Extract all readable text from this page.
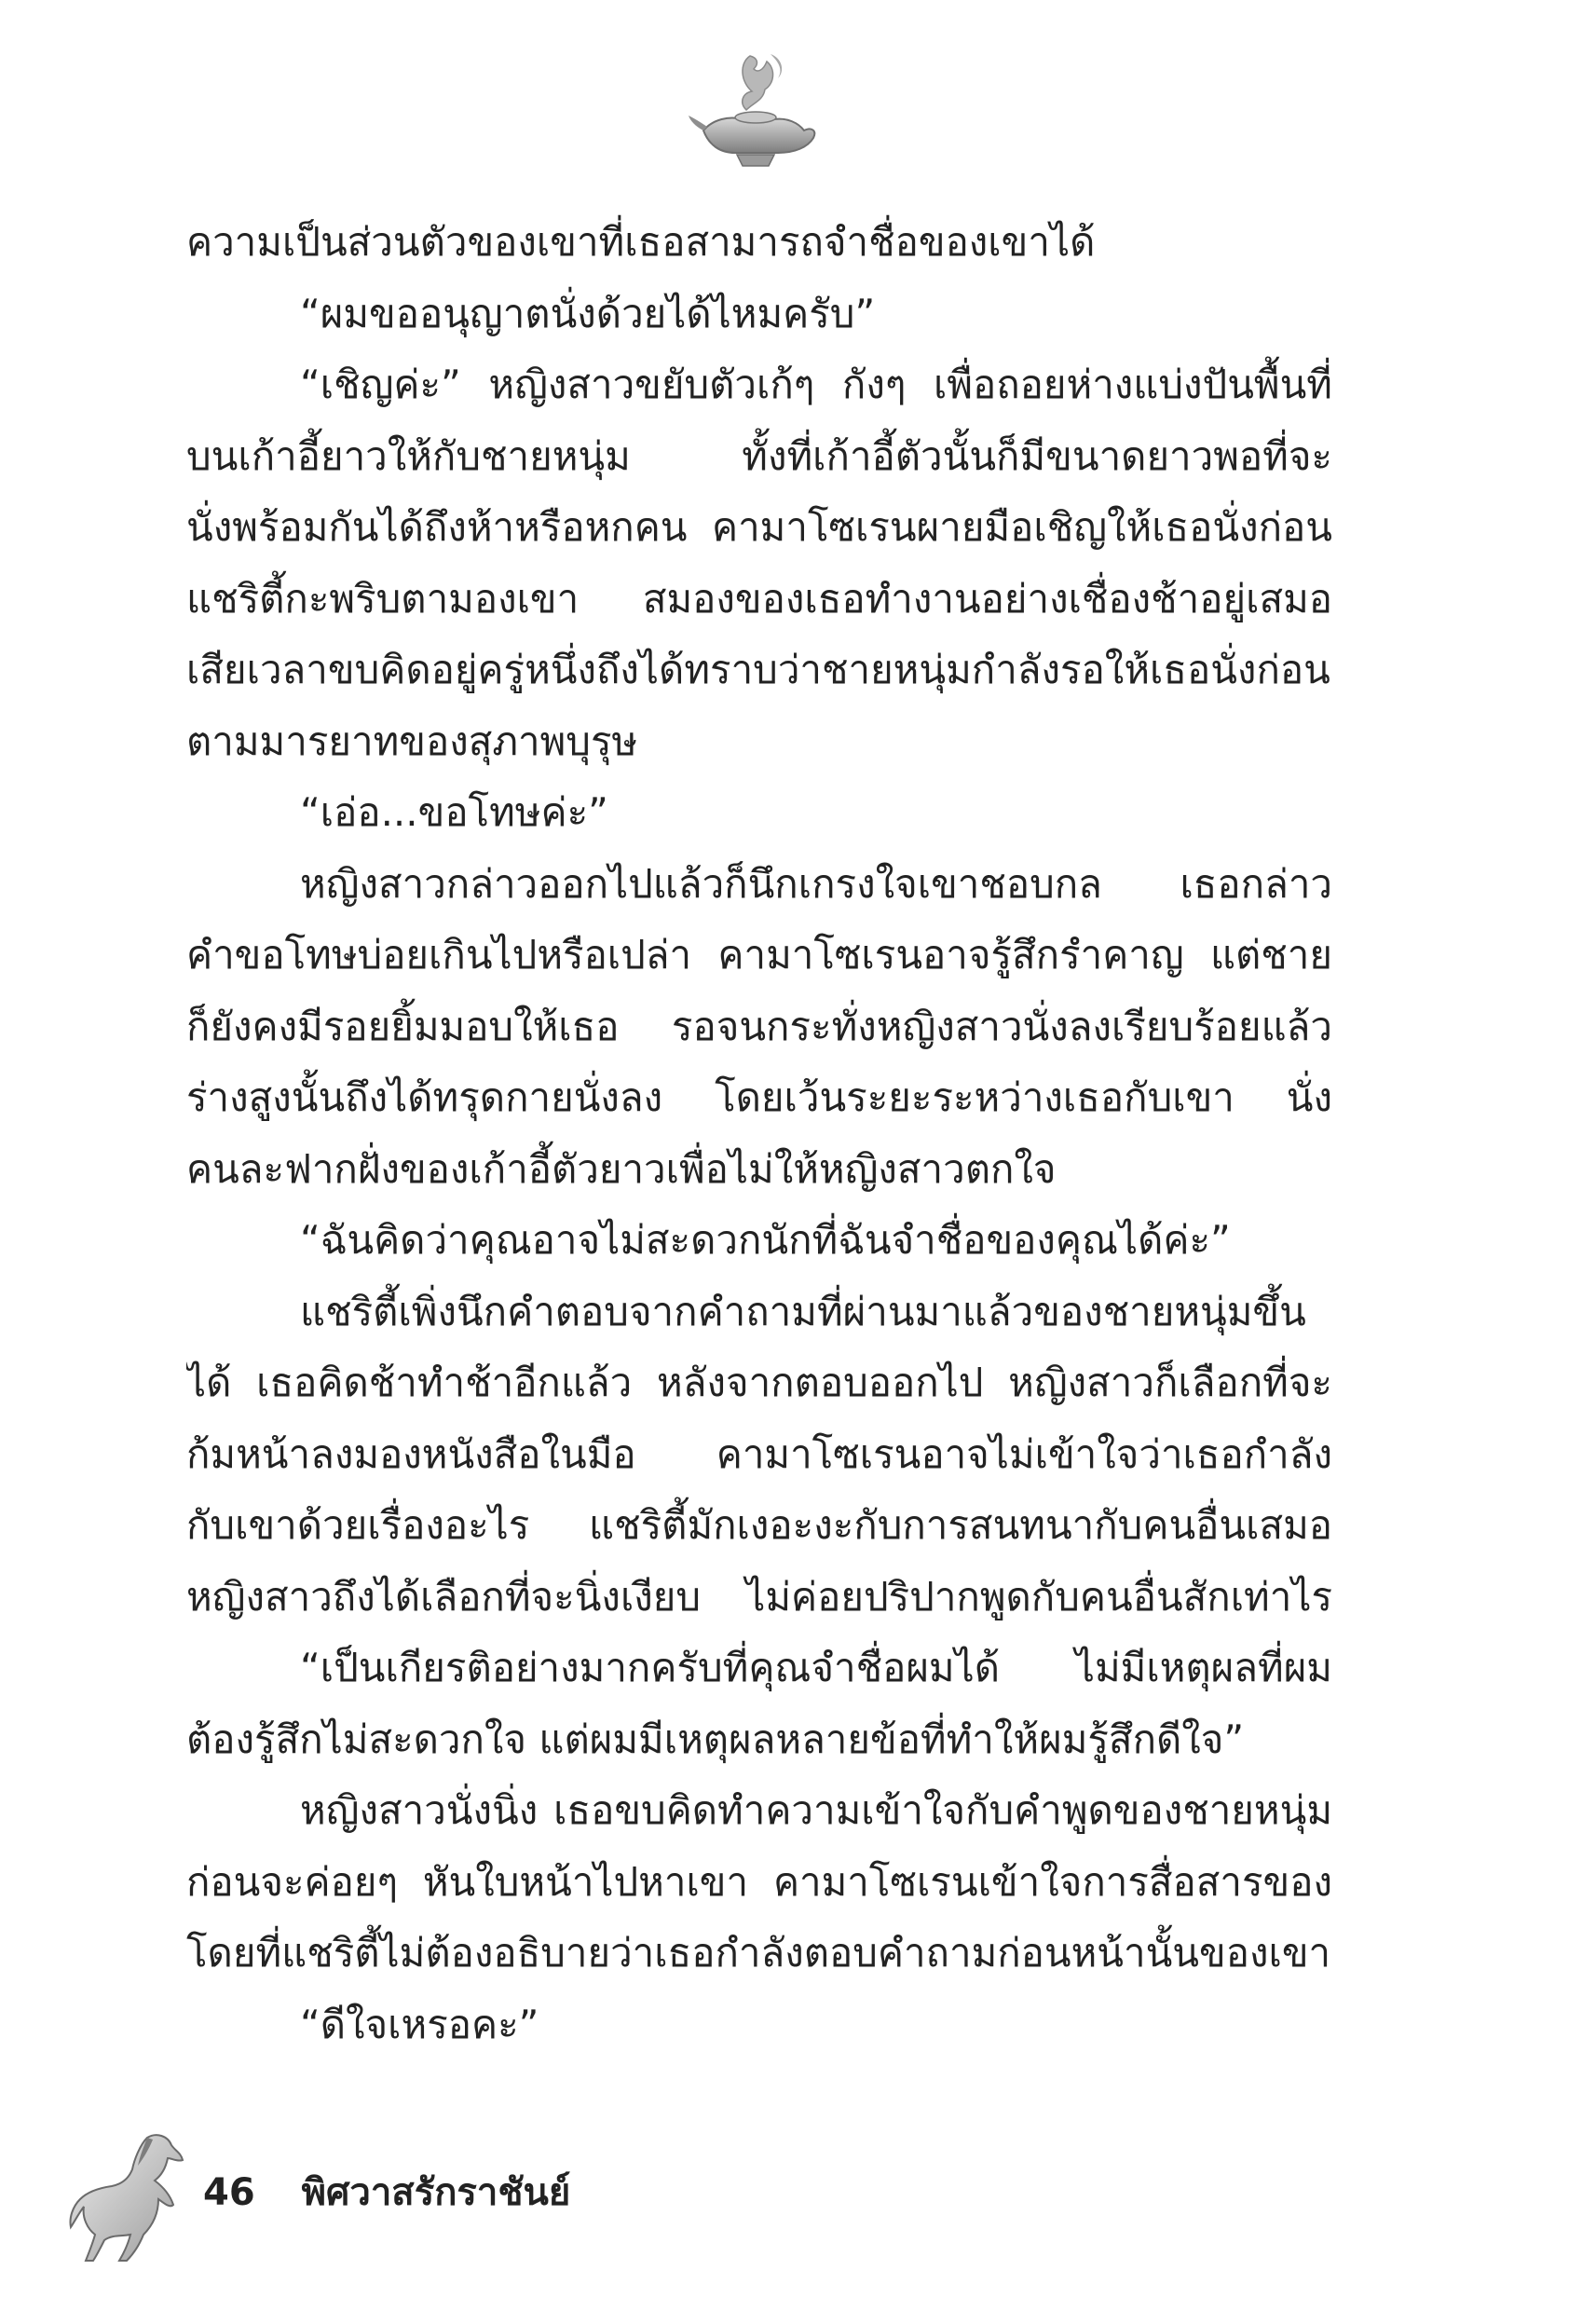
ความเป็นส่วนตัวของเขาที่เธอสามารถจำชื่อของเขาได้
“ผมขออนุญาตนั่งด้วยได้ไหมครับ”
“เชิญค่ะ” หญิงสาวขยับตัวเก้ๆ กังๆ เพื่อถอยห่างแบ่งปันพื้นที่
บนเก้าอี้ยาวให้กับชายหนุ่ม ทั้งที่เก้าอี้ตัวนั้นก็มีขนาดยาวพอที่จะ
นั่งพร้อมกันได้ถึงห้าหรือหกคน คามาโซเรนผายมือเชิญให้เธอนั่งก่อน
แชริตี้กะพริบตามองเขา สมองของเธอทำงานอย่างเชื่องช้าอยู่เสมอ
เสียเวลาขบคิดอยู่ครู่หนึ่งถึงได้ทราบว่าชายหนุ่มกำลังรอให้เธอนั่งก่อน
ตามมารยาทของสุภาพบุรุษ
“เอ่อ...ขอโทษค่ะ”
หญิงสาวกล่าวออกไปแล้วก็นึกเกรงใจเขาชอบกล เธอกล่าว
คำขอโทษบ่อยเกินไปหรือเปล่า คามาโซเรนอาจรู้สึกรำคาญ แต่ชาย
ก็ยังคงมีรอยยิ้มมอบให้เธอ รอจนกระทั่งหญิงสาวนั่งลงเรียบร้อยแล้ว
ร่างสูงนั้นถึงได้ทรุดกายนั่งลง โดยเว้นระยะระหว่างเธอกับเขา นั่ง
คนละฟากฝั่งของเก้าอี้ตัวยาวเพื่อไม่ให้หญิงสาวตกใจ
“ฉันคิดว่าคุณอาจไม่สะดวกนักที่ฉันจำชื่อของคุณได้ค่ะ”
แชริตี้เพิ่งนึกคำตอบจากคำถามที่ผ่านมาแล้วของชายหนุ่มขึ้น
ได้ เธอคิดช้าทำช้าอีกแล้ว หลังจากตอบออกไป หญิงสาวก็เลือกที่จะ
ก้มหน้าลงมองหนังสือในมือ คามาโซเรนอาจไม่เข้าใจว่าเธอกำลัง
กับเขาด้วยเรื่องอะไร แชริตี้มักเงอะงะกับการสนทนากับคนอื่นเสมอ
หญิงสาวถึงได้เลือกที่จะนิ่งเงียบ ไม่ค่อยปริปากพูดกับคนอื่นสักเท่าไร
“เป็นเกียรติอย่างมากครับที่คุณจำชื่อผมได้ ไม่มีเหตุผลที่ผม
ต้องรู้สึกไม่สะดวกใจ แต่ผมมีเหตุผลหลายข้อที่ทำให้ผมรู้สึกดีใจ”
หญิงสาวนั่งนิ่ง เธอขบคิดทำความเข้าใจกับคำพูดของชายหนุ่ม
ก่อนจะค่อยๆ หันใบหน้าไปหาเขา คามาโซเรนเข้าใจการสื่อสารของ
โดยที่แชริตี้ไม่ต้องอธิบายว่าเธอกำลังตอบคำถามก่อนหน้านั้นของเขา
“ดีใจเหรอคะ”
46 พิศวาสรักราชันย์
